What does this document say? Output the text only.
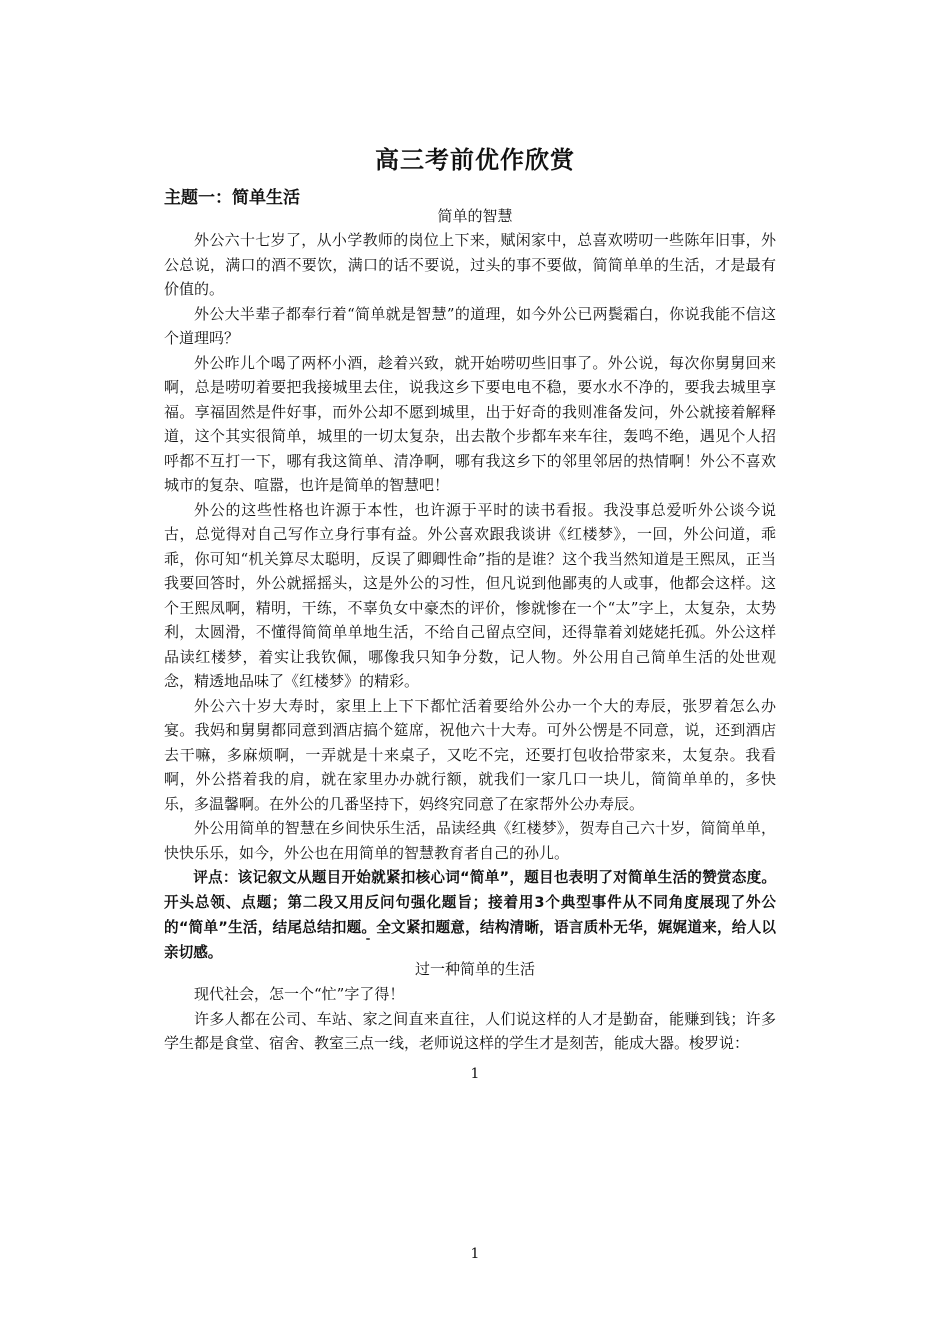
高三考前优作欣赏
主题一：简单生活
简单的智慧

外公六十七岁了，从小学教师的岗位上下来，赋闲家中，总喜欢唠叨一些陈年旧事，外公总说，满口的酒不要饮，满口的话不要说，过头的事不要做，简简单单的生活，才是最有价值的。

外公大半辈子都奉行着“简单就是智慧”的道理，如今外公已两鬓霜白，你说我能不信这个道理吗？

外公昨儿个喝了两杯小酒，趁着兴致，就开始唠叨些旧事了。外公说，每次你舅舅回来啊，总是唠叨着要把我接城里去住，说我这乡下要电电不稳，要水水不净的，要我去城里享福。享福固然是件好事，而外公却不愿到城里，出于好奇的我则准备发问，外公就接着解释道，这个其实很简单，城里的一切太复杂，出去散个步都车来车往，轰鸣不绝，遇见个人招呼都不互打一下，哪有我这简单、清净啊，哪有我这乡下的邻里邻居的热情啊！外公不喜欢城市的复杂、喧嚣，也许是简单的智慧吧！

外公的这些性格也许源于本性，也许源于平时的读书看报。我没事总爱听外公谈今说古，总觉得对自己写作立身行事有益。外公喜欢跟我谈讲《红楼梦》，一回，外公问道，乖乖，你可知“机关算尽太聪明，反误了卿卿性命”指的是谁？这个我当然知道是王熙凤，正当我要回答时，外公就摇摇头，这是外公的习性，但凡说到他鄙夷的人或事，他都会这样。这个王熙凤啊，精明，干练，不辜负女中豪杰的评价，惨就惨在一个“太”字上，太复杂，太势利，太圆滑，不懂得简简单单地生活，不给自己留点空间，还得靠着刘姥姥托孤。外公这样品读红楼梦，着实让我钦佩，哪像我只知争分数，记人物。外公用自己简单生活的处世观念，精透地品味了《红楼梦》的精彩。

外公六十岁大寿时，家里上上下下都忙活着要给外公办一个大的寿辰，张罗着怎么办宴。我妈和舅舅都同意到酒店搞个筵席，祝他六十大寿。可外公愣是不同意，说，还到酒店去干嘛，多麻烦啊，一弄就是十来桌子，又吃不完，还要打包收拾带家来，太复杂。我看啊，外公搭着我的肩，就在家里办办就行额，就我们一家几口一块儿，简简单单的，多快乐，多温馨啊。在外公的几番坚持下，妈终究同意了在家帮外公办寿辰。

外公用简单的智慧在乡间快乐生活，品读经典《红楼梦》，贺寿自己六十岁，简简单单，快快乐乐，如今，外公也在用简单的智慧教育者自己的孙儿。

评点：该记叙文从题目开始就紧扣核心词“简单”，题目也表明了对简单生活的赞赏态度。开头总领、点题；第二段又用反问句强化题旨；接着用3个典型事件从不同角度展现了外公的“简单”生活，结尾总结扣题。全文紧扣题意，结构清晰，语言质朴无华，娓娓道来，给人以亲切感。

过一种简单的生活

现代社会，怎一个“忙”字了得！

许多人都在公司、车站、家之间直来直往，人们说这样的人才是勤奋，能赚到钱；许多学生都是食堂、宿舍、教室三点一线，老师说这样的学生才是刻苦，能成大器。梭罗说：

1
1
